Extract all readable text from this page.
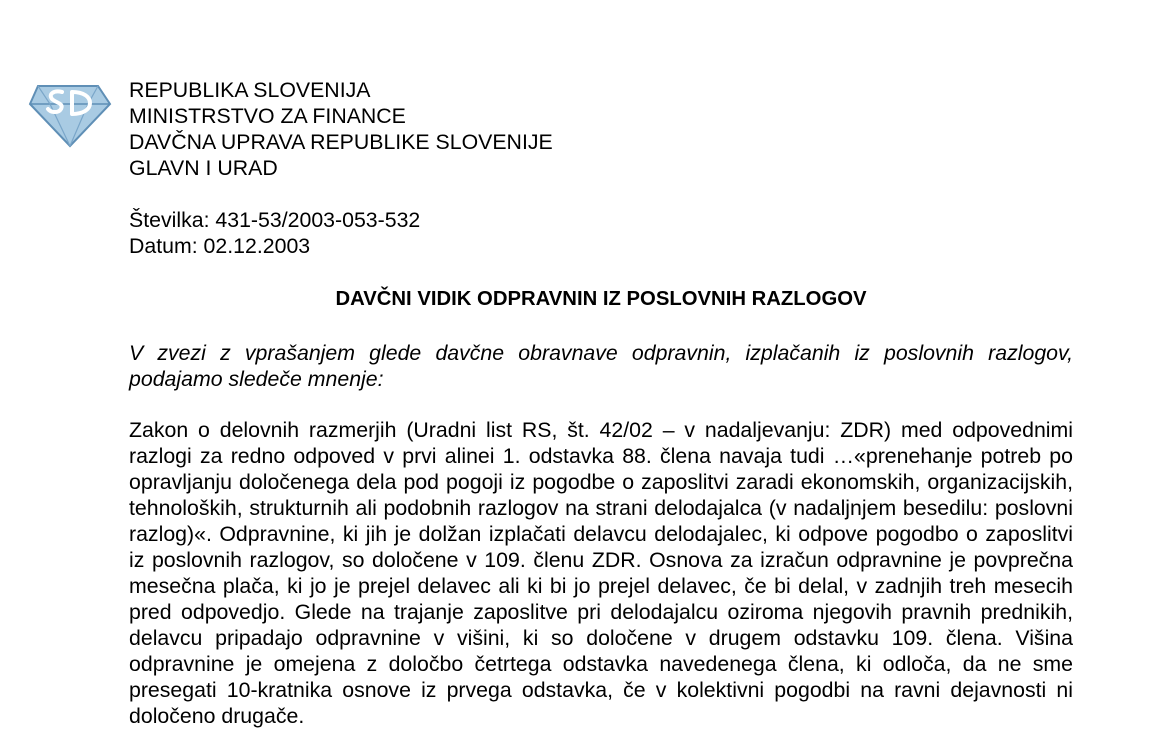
REPUBLIKA SLOVENIJA
MINISTRSTVO ZA FINANCE
DAVČNA UPRAVA REPUBLIKE SLOVENIJE
GLAVN I URAD
Številka: 431-53/2003-053-532
Datum: 02.12.2003
DAVČNI VIDIK ODPRAVNIN IZ POSLOVNIH RAZLOGOV
V zvezi z vprašanjem glede davčne obravnave odpravnin, izplačanih iz poslovnih razlogov, podajamo sledeče mnenje:
Zakon o delovnih razmerjih (Uradni list RS, št. 42/02 – v nadaljevanju: ZDR) med odpovednimi razlogi za redno odpoved v prvi alinei 1. odstavka 88. člena navaja tudi …«prenehanje potreb po opravljanju določenega dela pod pogoji iz pogodbe o zaposlitvi zaradi ekonomskih, organizacijskih, tehnoloških, strukturnih ali podobnih razlogov na strani delodajalca (v nadaljnjem besedilu: poslovni razlog)«. Odpravnine, ki jih je dolžan izplačati delavcu delodajalec, ki odpove pogodbo o zaposlitvi iz poslovnih razlogov, so določene v 109. členu ZDR. Osnova za izračun odpravnine je povprečna mesečna plača, ki jo je prejel delavec ali ki bi jo prejel delavec, če bi delal, v zadnjih treh mesecih pred odpovedjo. Glede na trajanje zaposlitve pri delodajalcu oziroma njegovih pravnih prednikih, delavcu pripadajo odpravnine v višini, ki so določene v drugem odstavku 109. člena. Višina odpravnine je omejena z določbo četrtega odstavka navedenega člena, ki odloča, da ne sme presegati 10-kratnika osnove iz prvega odstavka, če v kolektivni pogodbi na ravni dejavnosti ni določeno drugače.
